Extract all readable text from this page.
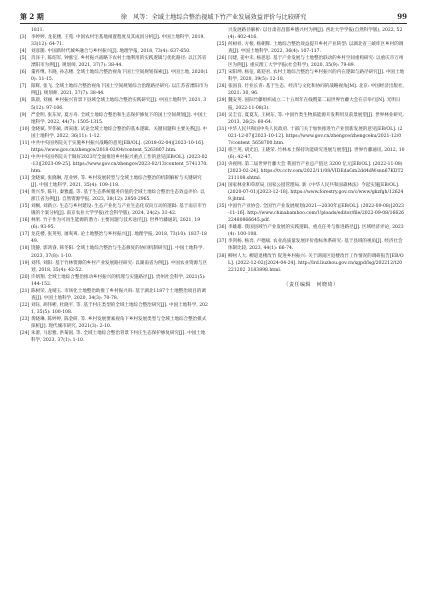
第 2 期	徐　风等：全域土地综合整治视域下竹产业发展效益评价与比较研究	99

1811.

[3] 李婷婷, 龙花楼, 王苑. 中国农村宅基地闲置程度及其成因分析[J]. 中国土地科学, 2019, 33(12): 64-71.

[4] 刘彦随. 中国新时代城乡融合与乡村振兴[J]. 地理学报, 2018, 73(4): 637-650.

[5] 肖泽干, 陈绍军, 钟涨宝. 乡村振兴战略下农村土地利用的实践逻辑与优化路径: 以江苏省溧阳市为例[J]. 规划师, 2021, 37(7): 38-44.

[6] 董祚继, 韦晓, 孙志楼. 全域土地综合整治视角下国土空间规划探索[J]. 中国土地, 2020(10): 11-15.

[7] 阳辉, 张飞. 全域土地综合整治视角下国土空间规划综合治理路径研究: 以江苏省溧阳市为例[J]. 规划师, 2021, 37(7): 38-44.

[8] 陈晨, 刘丽. 乡村振兴背景下县域全域土地综合整治实践研究[J]. 中国土地科学, 2021, 35(12): 97-106.

[9] 严金明, 张东昇, 夏方舟. 全域土地综合整治和生态保护修复下的国土空间规划[J]. 中国土地科学, 2022, 44(7): 1505-1315.

[10] 金晓斌, 罗伟硕, 周寅康. 试论全域土地综合整治的基本逻辑、关键问题和主要关系[J]. 中国土地科学, 2022, 36(11): 1-12.

[11] 中共中央国务院关于实施乡村振兴战略的意见[EB/OL]. (2018-02-04)[2023-10-16]. https://www.gov.cn/zhengce/2018-02/04/content_5263807.htm.

[12] 中共中央国务院关于做好2023年全面推进乡村振兴重点工作的意见[EB/OL]. (2023-02-13)[2023-09-25]. https://www.gov.cn/zhengce/2023-02/13/content_5741370.htm.

[13] 金晓斌, 张晓琳, 范业婷, 等. 乡村发展转型与全域土地综合整治的机制解析与关键研究[J]. 中国土地科学, 2021, 35(4): 109-118.

[14] 黄兴华, 陈升, 秦雅鑫, 等. 基于生态系统服务价值的全域土地综合整治生态效益评价: 以浙江省为例[J]. 自然资源学报, 2023, 38(12): 2950-2965.

[15] 刘桐, 刘新立. 生态与乡村建设: 生态产业化与产业生态化双向互动的逻辑: 基于南京市竹镇的个案分析[J]. 南京农业大学学报(社会科学版), 2024, 24(2): 31-42.

[16] 林果. 竹子作为可再生能源的潜力: 主要问题与技术途径[J]. 世界竹藤通讯, 2021, 19(6): 93-95.

[17] 龙花楼, 张英男, 屠爽爽. 论土地整治与乡村振兴[J]. 地理学报, 2018, 73(10): 1837-1849.

[18] 饶静, 郭鸿睿, 韩冬阳. 全域土地综合整治与生态修复的协同机制研究[J]. 中国土地科学, 2023, 37(8): 1-10.

[19] 刘伟, 刘阳. 基于竹林资源的乡村产业发展路径研究: 以湖南省为例[J]. 中国农业资源与区划, 2018, 35(4): 42-52.

[20] 许炳翔. 全域土地综合整治推动乡村振兴的机理与实施路径[J]. 贵州社会科学, 2021(5): 144-152.

[21] 陈树荣, 龙晴玉. 市场化土地整治助推了乡村振兴吗: 基于湖北1187个土地整治项目的调查[J]. 中国土地科学, 2020, 34(3): 70-78.

[22] 刘钰, 胡伟彬, 杜晓平, 等. 基于村庄类型的全域土地综合整治研究[J]. 中国土地科学, 2021, 35(5): 100-108.

[23] 黄晓琳, 陈婷婷, 陈金研, 等. 乡村发展要素视角下乡村发展类型与全域土地综合整治模式探析[J]. 现代城市研究, 2021(3): 2-10.

[24] 朱蕾, 马思雅, 洪菊国, 等. 全域土地综合整治背景下村庄生态保护修复研究[J]. 中国土地科学, 2023, 37(1): 1-10.

兴发展路径解析: 以甘肃省昌都乡德兴村为例[J]. 西北大学学报(自然科学版), 2022, 52(4): 402-416.

[25] 何树祥, 方根, 杨朝辉. 土地综合整治效益提升乡村产业转型: 以湖北省三峡库区乡村的调查[J]. 中国土地科学, 2022, 36(4): 107-117.

[26] 闫建, 姜中未, 杨思思. 基于产业发展与土地整治联动的乡村空间重构研究: 以重庆市万州区为例[J]. 重庆理工大学学报(社会科学), 2020, 35(9): 79-89.

[27] 宋阳坤, 杨征, 葛迎君. 农村土地综合整治与乡村振兴的内在逻辑与路径研究[J]. 中国土地科学, 2020, 39(5): 12-18.

[28] 张国良. 竹业长青: 基于生态、经济与文化和协同的战略视角[M]. 北京: 中国经济出版社, 2021: 30, 96.

[29] 魏安英. 国际竹藤组织成立二十五周年在线暨第二届世界竹藤大会在京举行[N]. 光明日报, 2022-11-08(3).

[30] 吴圭官, 夏夏友, 王树东, 等. 中国竹类生物质能源开发利用及前景展望[J]. 世界林业研究, 2013, 26(2): 60-64.

[31] 中华人民共和国中央人民政府. 十部门关于加快推进竹产业创新发展的意见[EB/OL]. (2021-12-07)[2023-10-12]. https://www.gov.cn/zhengce/zhengceku/2021-12/07/content_5658700.htm.

[32] 邢兰英, 胡光泊, 王晓荣. 竹林本土保持功能研究进展与展望[J]. 世界竹藤通讯, 2012, 10(6): 42-47.

[33] 央视网. 第二届世界竹藤大会 我国竹产业总产值达 3200 亿元[EB/OL]. (2022-11-08)[2023-02-24]. https://tv.cctv.com/2022/11/08/VIDEdaGm2dd4dWsnn67KDT2211108.shtml.

[34] 国家林业和草原局, 国家公园管理局. 新《中华人民共和国森林法》今起实施[EB/OL]. (2020-07-01)[2023-12-18]. https://www.forestry.gov.cn/c/www/gkzfgh/126249.jhtml.

[35] 中国竹产业协会. 全国竹产业发展规划(2021—2030年)[EB/OL]. (2022-09-08)[2023-11-16]. http://www.chinabamboo.com/Uploads/editor/file/2022-09-08/1662622480866645.pdf.

[36] 李雄雄. 我国县域竹产业发展的实践逻辑、重点任务与推进路径[J]. 区域经济评论, 2023(4): 100-108.

[37] 李剑杨, 杨奔, 卢德斌. 农业高质量发展评价指标体系研究: 基于县域的视角[J]. 经济社会体制比较, 2023, 44(1): 66-74.

[38] 柳州人大. 柳道退楼改竹 促进乡村振兴: 关于湖南区退楼改竹工作情况的调研报告[EB/OL]. (2022-12-02)[2024-04-24]. http://lrd.liuzhou.gov.cn/xgpd/lsg/202212/t20221202_3183898.html.

（责任编辑　何晓琦）
